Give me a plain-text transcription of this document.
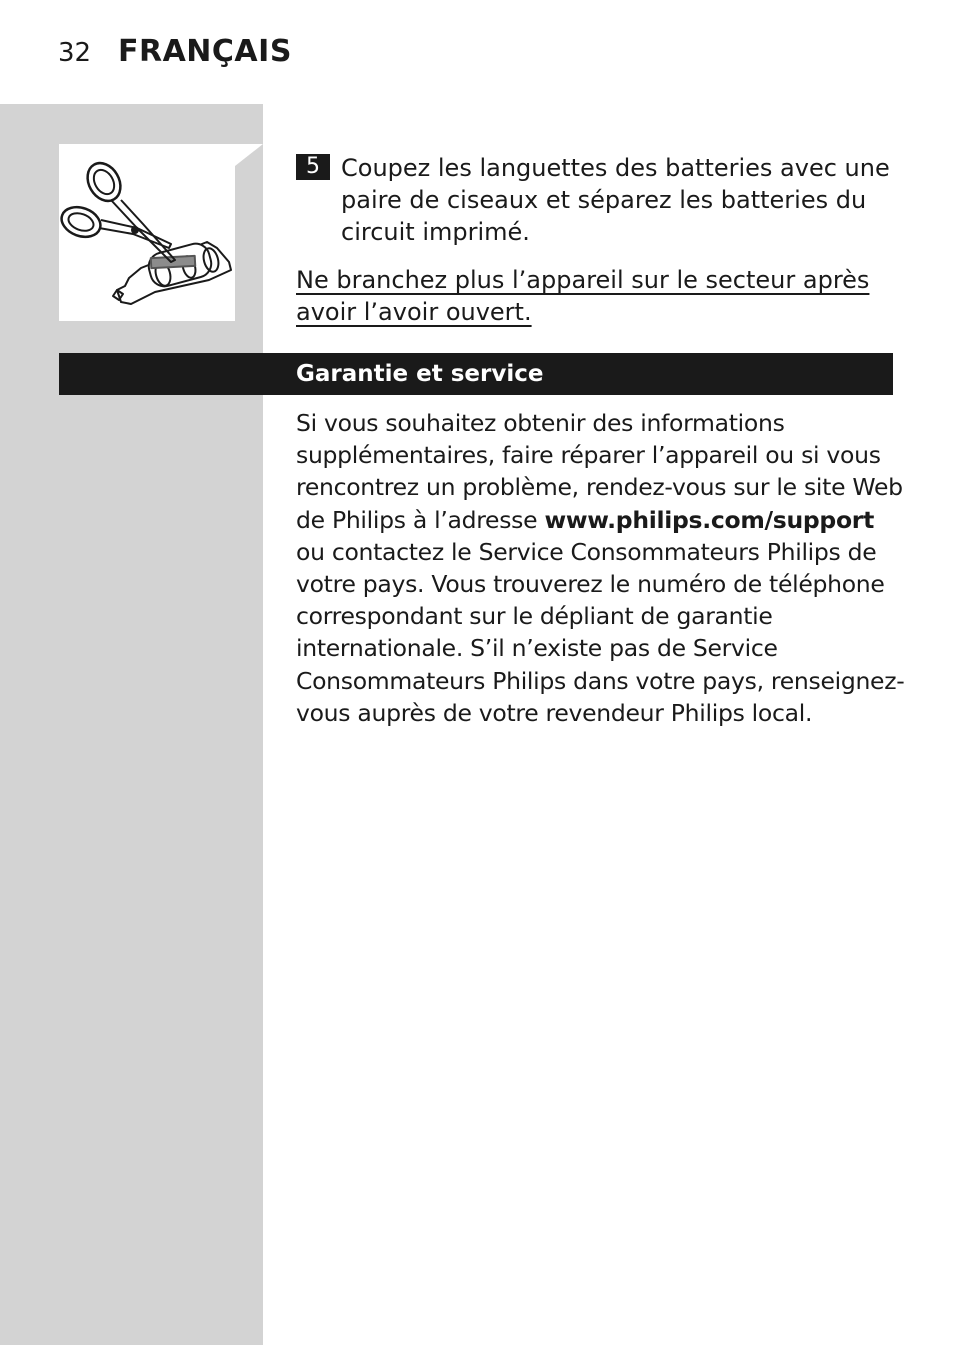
32 FRANÇAIS
5 Coupez les languettes des batteries avec une paire de ciseaux et séparez les batteries du circuit imprimé.
Ne branchez plus l’appareil sur le secteur après avoir l’avoir ouvert.
Garantie et service
Si vous souhaitez obtenir des informations supplémentaires, faire réparer l’appareil ou si vous rencontrez un problème, rendez-vous sur le site Web de Philips à l’adresse www.philips.com/support ou contactez le Service Consommateurs Philips de votre pays. Vous trouverez le numéro de téléphone correspondant sur le dépliant de garantie internationale. S’il n’existe pas de Service Consommateurs Philips dans votre pays, renseignez-vous auprès de votre revendeur Philips local.
